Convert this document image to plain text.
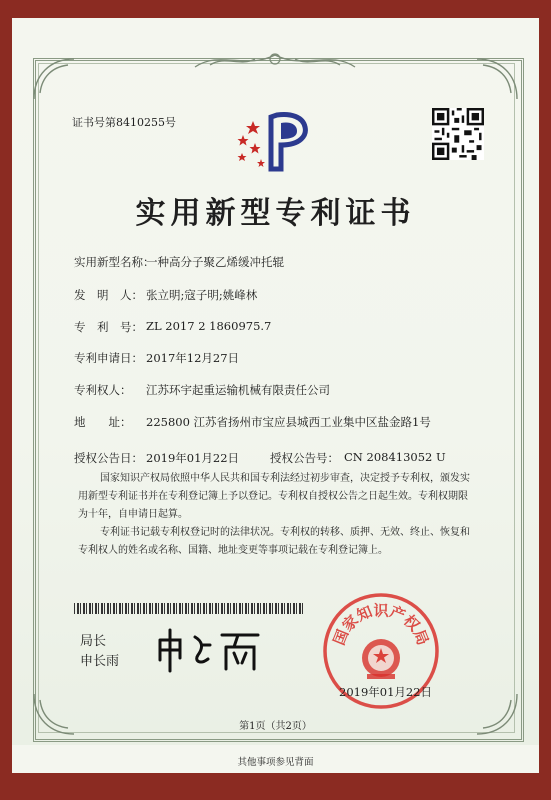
证书号第8410255号
实用新型专利证书
实用新型名称：
一种高分子聚乙烯缓冲托辊
发　明　人： 张立明;寇子明;姚峰林
专　利　号： ZL 2017 2 1860975.7
专利申请日： 2017年12月27日
专利权人： 江苏环宇起重运输机械有限责任公司
地　　址： 225800 江苏省扬州市宝应县城西工业集中区盐金路1号
授权公告日： 2019年01月22日	授权公告号： CN 208413052 U
国家知识产权局依照中华人民共和国专利法经过初步审查，决定授予专利权，颁发实用新型专利证书并在专利登记簿上予以登记。专利权自授权公告之日起生效。专利权期限为十年，自申请日起算。
专利证书记载专利权登记时的法律状况。专利权的转移、质押、无效、终止、恢复和专利权人的姓名或名称、国籍、地址变更等事项记载在专利登记簿上。
局长
申长雨
国家知识产权局
2019年01月22日
第1页（共2页）
其他事项参见背面
